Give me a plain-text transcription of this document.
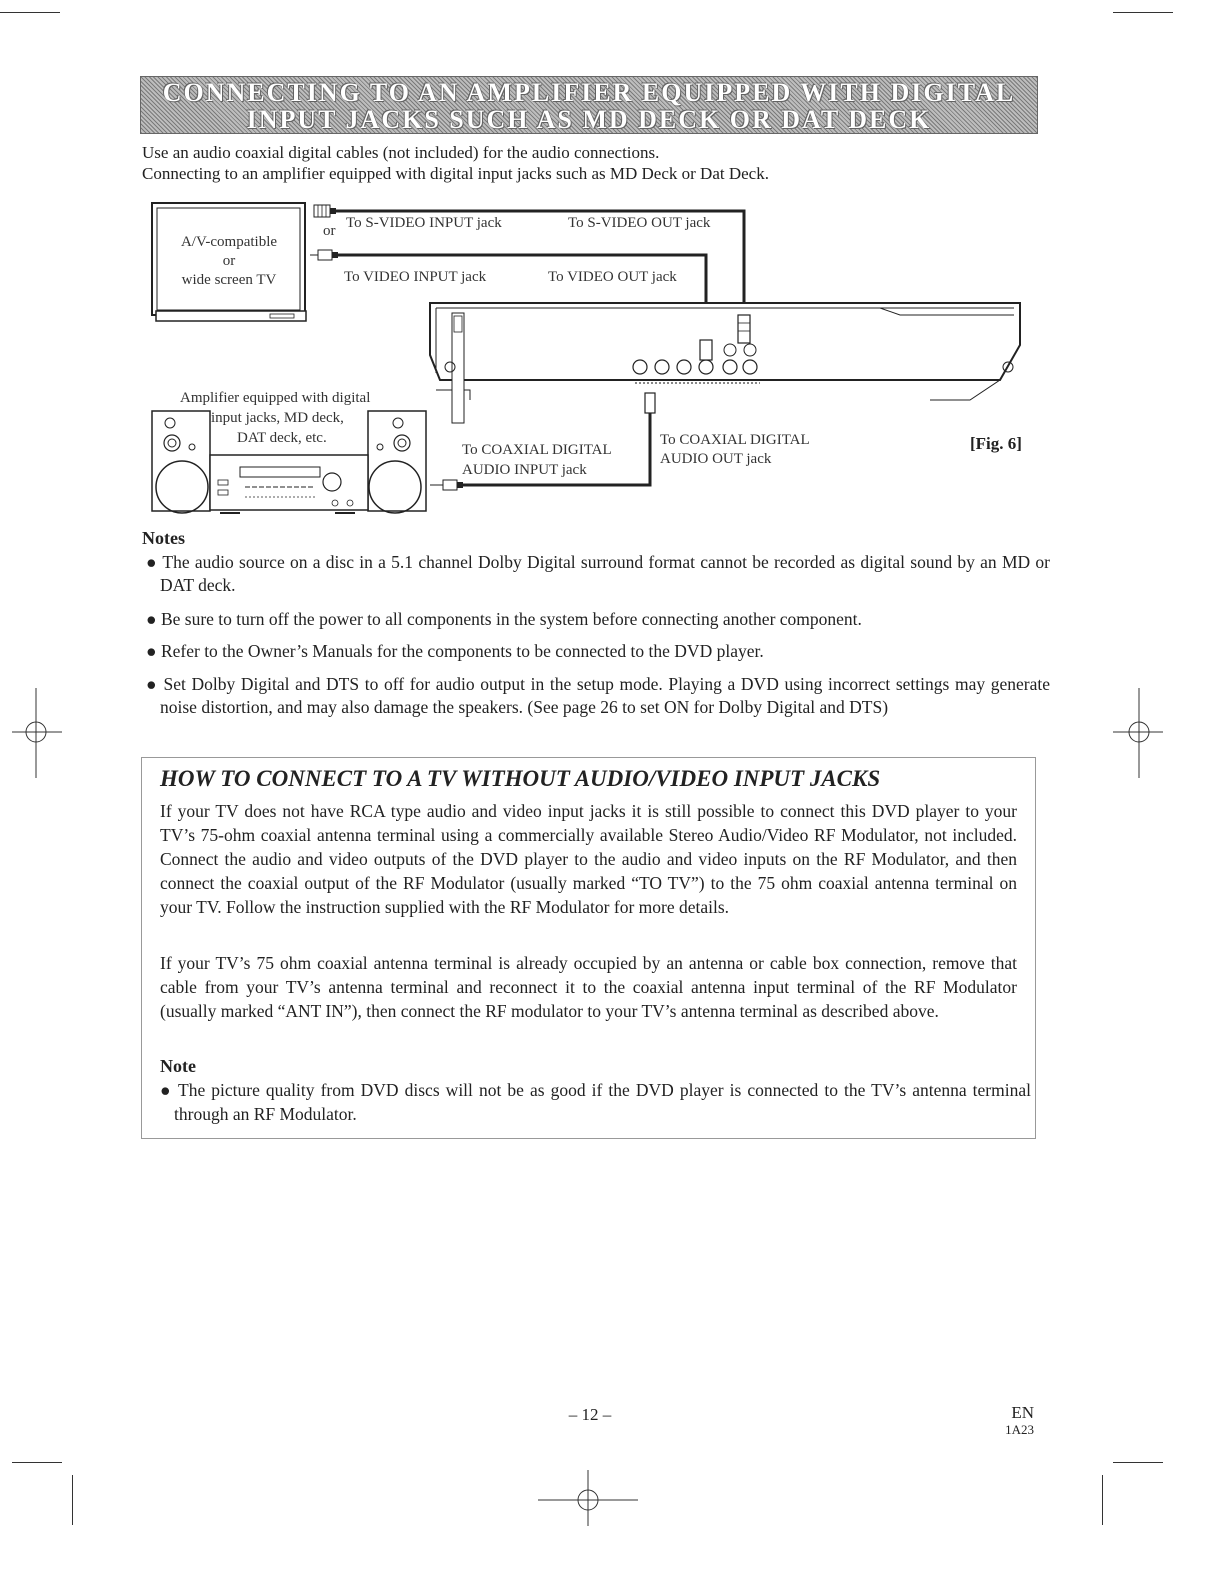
CONNECTING TO AN AMPLIFIER EQUIPPED WITH DIGITAL
INPUT JACKS SUCH AS MD DECK OR DAT DECK
Use an audio coaxial digital cables (not included) for the audio connections.
Connecting to an amplifier equipped with digital input jacks such as MD Deck or Dat Deck.
A/V-compatible
or
wide screen TV
or To S-VIDEO INPUT jack	To S-VIDEO OUT jack
To VIDEO INPUT jack	To VIDEO OUT jack
Amplifier equipped with digital
input jacks, MD deck,
DAT deck, etc.
To COAXIAL DIGITAL
AUDIO INPUT jack
To COAXIAL DIGITAL
AUDIO OUT jack
[Fig. 6]
Notes
● The audio source on a disc in a 5.1 channel Dolby Digital surround format cannot be recorded as digital sound by an MD or DAT deck.
● Be sure to turn off the power to all components in the system before connecting another component.
● Refer to the Owner’s Manuals for the components to be connected to the DVD player.
● Set Dolby Digital and DTS to off for audio output in the setup mode. Playing a DVD using incorrect settings may generate noise distortion, and may also damage the speakers. (See page 26 to set ON for Dolby Digital and DTS)
HOW TO CONNECT TO A TV WITHOUT AUDIO/VIDEO INPUT JACKS
If your TV does not have RCA type audio and video input jacks it is still possible to connect this DVD player to your TV’s 75-ohm coaxial antenna terminal using a commercially available Stereo Audio/Video RF Modulator, not included. Connect the audio and video outputs of the DVD player to the audio and video inputs on the RF Modulator, and then connect the coaxial output of the RF Modulator (usually marked “TO TV”) to the 75 ohm coaxial antenna terminal on your TV. Follow the instruction supplied with the RF Modulator for more details.
If your TV’s 75 ohm coaxial antenna terminal is already occupied by an antenna or cable box connection, remove that cable from your TV’s antenna terminal and reconnect it to the coaxial antenna input terminal of the RF Modulator (usually marked “ANT IN”), then connect the RF modulator to your TV’s antenna terminal as described above.
Note
● The picture quality from DVD discs will not be as good if the DVD player is connected to the TV’s antenna terminal through an RF Modulator.
– 12 –	EN
1A23
